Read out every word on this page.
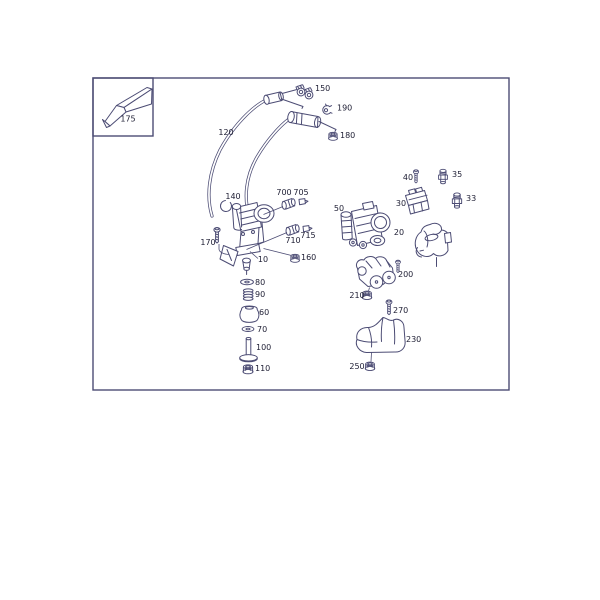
175
120
140
150
190
180
700 705
710
715
170
10	160
80
90
60
70
100
110
50
40	35
30
33
20
200
210
270
230
250
